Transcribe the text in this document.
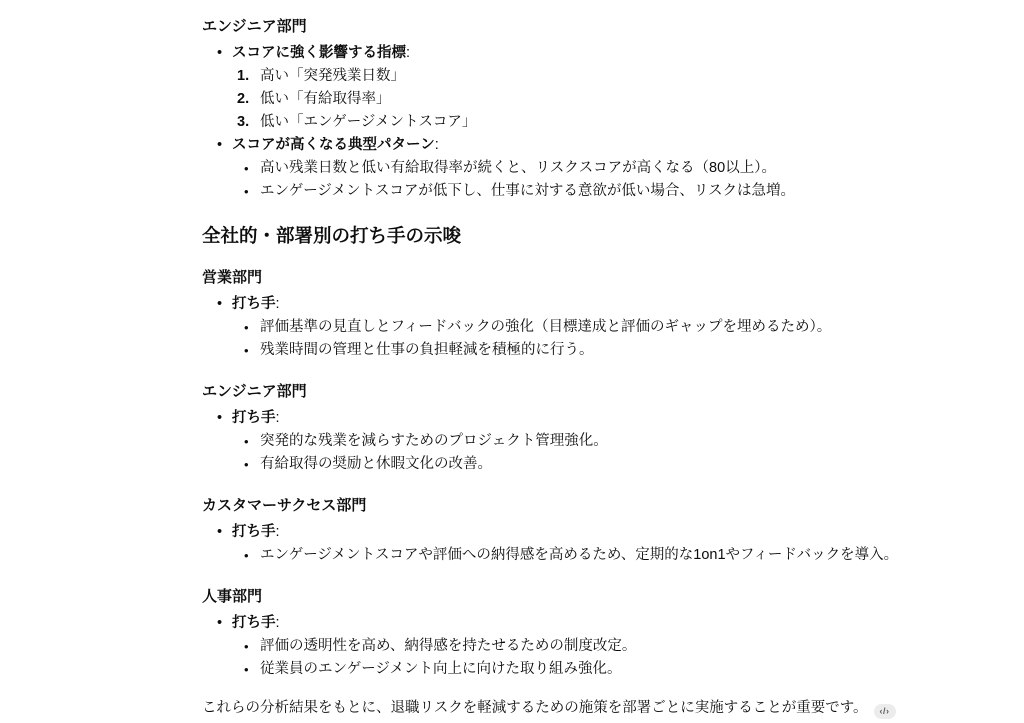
エンジニア部門
• スコアに強く影響する指標:
1. 高い「突発残業日数」
2. 低い「有給取得率」
3. 低い「エンゲージメントスコア」
• スコアが高くなる典型パターン:
• 高い残業日数と低い有給取得率が続くと、リスクスコアが高くなる（80以上）。
• エンゲージメントスコアが低下し、仕事に対する意欲が低い場合、リスクは急増。
全社的・部署別の打ち手の示唆
営業部門
• 打ち手:
• 評価基準の見直しとフィードバックの強化（目標達成と評価のギャップを埋めるため）。
• 残業時間の管理と仕事の負担軽減を積極的に行う。
エンジニア部門
• 打ち手:
• 突発的な残業を減らすためのプロジェクト管理強化。
• 有給取得の奨励と休暇文化の改善。
カスタマーサクセス部門
• 打ち手:
• エンゲージメントスコアや評価への納得感を高めるため、定期的な1on1やフィードバックを導入。
人事部門
• 打ち手:
• 評価の透明性を高め、納得感を持たせるための制度改定。
• 従業員のエンゲージメント向上に向けた取り組み強化。

これらの分析結果をもとに、退職リスクを軽減するための施策を部署ごとに実施することが重要です。 ‹/›
